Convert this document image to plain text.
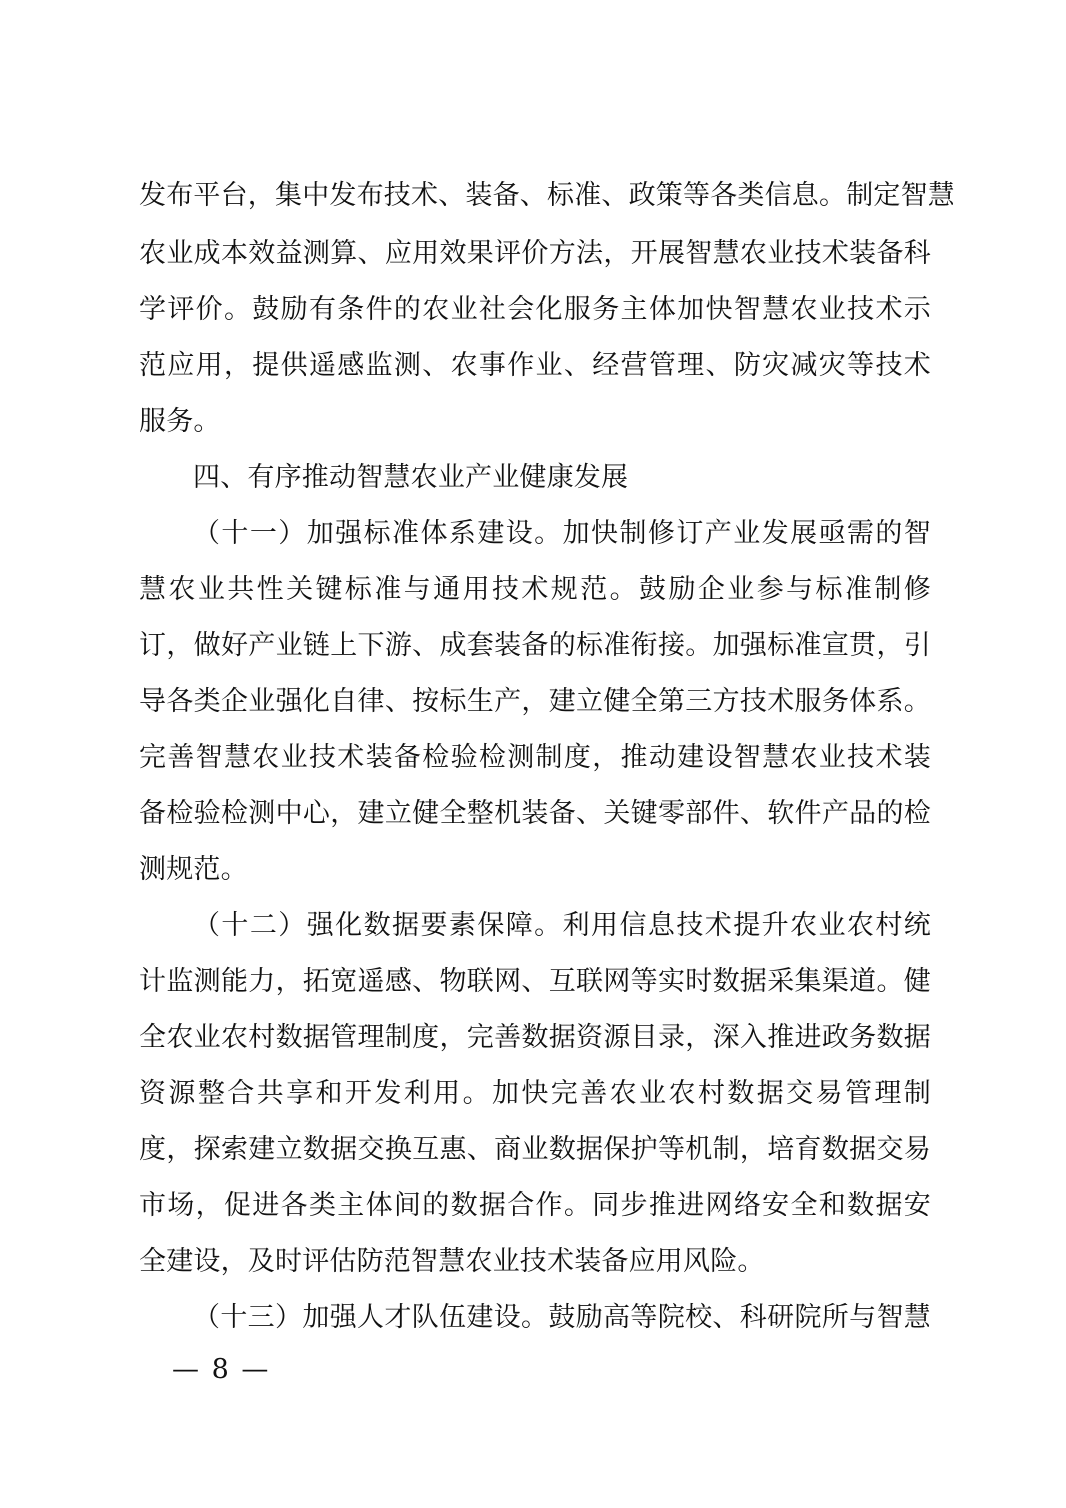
发布平台，集中发布技术、装备、标准、政策等各类信息。制定智慧
农业成本效益测算、应用效果评价方法，开展智慧农业技术装备科
学评价。鼓励有条件的农业社会化服务主体加快智慧农业技术示
范应用，提供遥感监测、农事作业、经营管理、防灾减灾等技术
服务。
四、有序推动智慧农业产业健康发展
（十一）加强标准体系建设。加快制修订产业发展亟需的智
慧农业共性关键标准与通用技术规范。鼓励企业参与标准制修
订，做好产业链上下游、成套装备的标准衔接。加强标准宣贯，引
导各类企业强化自律、按标生产，建立健全第三方技术服务体系。
完善智慧农业技术装备检验检测制度，推动建设智慧农业技术装
备检验检测中心，建立健全整机装备、关键零部件、软件产品的检
测规范。
（十二）强化数据要素保障。利用信息技术提升农业农村统
计监测能力，拓宽遥感、物联网、互联网等实时数据采集渠道。健
全农业农村数据管理制度，完善数据资源目录，深入推进政务数据
资源整合共享和开发利用。加快完善农业农村数据交易管理制
度，探索建立数据交换互惠、商业数据保护等机制，培育数据交易
市场，促进各类主体间的数据合作。同步推进网络安全和数据安
全建设，及时评估防范智慧农业技术装备应用风险。
（十三）加强人才队伍建设。鼓励高等院校、科研院所与智慧
— 8 —
